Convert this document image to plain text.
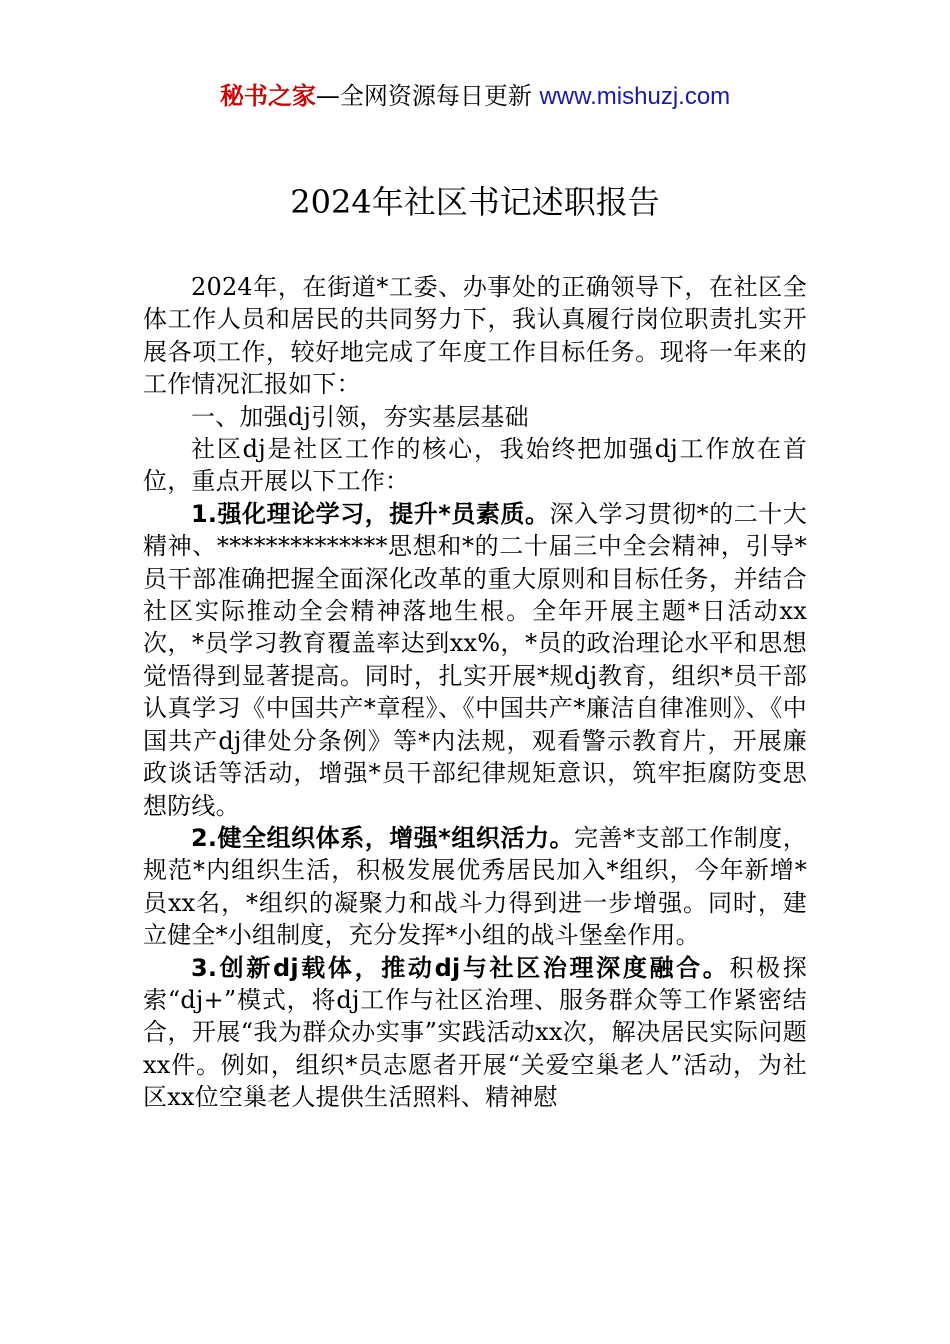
秘书之家—全网资源每日更新 www.mishuzj.com
2024年社区书记述职报告

2024年，在街道*工委、办事处的正确领导下，在社区全体工作人员和居民的共同努力下，我认真履行岗位职责扎实开展各项工作，较好地完成了年度工作目标任务。现将一年来的工作情况汇报如下：

一、加强dj引领，夯实基层基础

社区dj是社区工作的核心，我始终把加强dj工作放在首位，重点开展以下工作：

1.强化理论学习，提升*员素质。深入学习贯彻*的二十大精神、**************思想和*的二十届三中全会精神，引导*员干部准确把握全面深化改革的重大原则和目标任务，并结合社区实际推动全会精神落地生根。全年开展主题*日活动xx次，*员学习教育覆盖率达到xx%，*员的政治理论水平和思想觉悟得到显著提高。同时，扎实开展*规dj教育，组织*员干部认真学习《中国共产*章程》、《中国共产*廉洁自律准则》、《中国共产dj律处分条例》等*内法规，观看警示教育片，开展廉政谈话等活动，增强*员干部纪律规矩意识，筑牢拒腐防变思想防线。

2.健全组织体系，增强*组织活力。完善*支部工作制度，规范*内组织生活，积极发展优秀居民加入*组织，今年新增*员xx名，*组织的凝聚力和战斗力得到进一步增强。同时，建立健全*小组制度，充分发挥*小组的战斗堡垒作用。

3.创新dj载体，推动dj与社区治理深度融合。积极探索“dj+”模式，将dj工作与社区治理、服务群众等工作紧密结合，开展“我为群众办实事”实践活动xx次，解决居民实际问题xx件。例如，组织*员志愿者开展“关爱空巢老人”活动，为社区xx位空巢老人提供生活照料、精神慰
